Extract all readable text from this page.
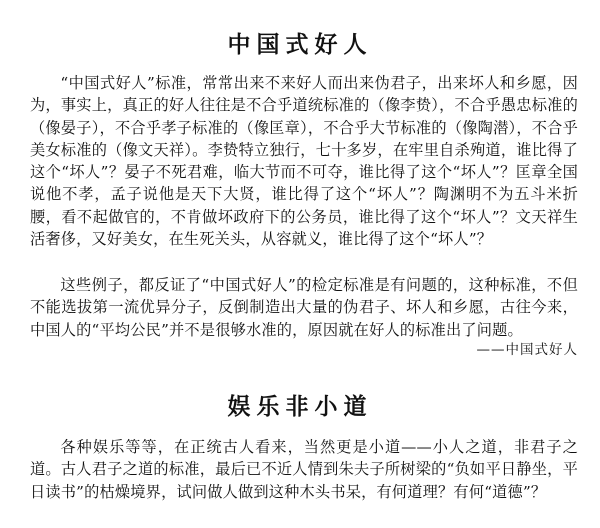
中国式好人

“中国式好人”标准，常常出来不来好人而出来伪君子，出来坏人和乡愿，因为，事实上，真正的好人往往是不合乎道统标准的（像李贽），不合乎愚忠标准的（像晏子），不合乎孝子标准的（像匡章），不合乎大节标准的（像陶潜），不合乎美女标准的（像文天祥）。李贽特立独行，七十多岁，在牢里自杀殉道，谁比得了这个“坏人”？晏子不死君难，临大节而不可夺，谁比得了这个“坏人”？匡章全国说他不孝，孟子说他是天下大贤，谁比得了这个“坏人”？陶渊明不为五斗米折腰，看不起做官的，不肯做坏政府下的公务员，谁比得了这个“坏人”？文天祥生活奢侈，又好美女，在生死关头，从容就义，谁比得了这个“坏人”？

这些例子，都反证了“中国式好人”的检定标准是有问题的，这种标准，不但不能选拔第一流优异分子，反倒制造出大量的伪君子、坏人和乡愿，古往今来，中国人的“平均公民”并不是很够水准的，原因就在好人的标准出了问题。

——中国式好人
娱乐非小道

各种娱乐等等，在正统古人看来，当然更是小道——小人之道，非君子之道。古人君子之道的标准，最后已不近人情到朱夫子所树梁的“负如平日静坐，平日读书”的枯燥境界，试问做人做到这种木头书呆，有何道理？有何“道德”？
